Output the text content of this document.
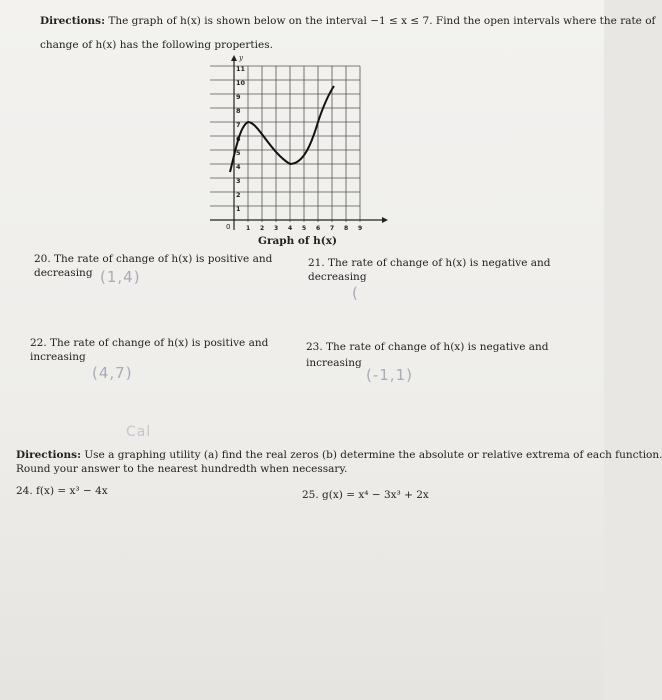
Directions: The graph of h(x) is shown below on the interval −1 ≤ x ≤ 7. Find the open intervals where the rate of
change of h(x) has the following properties.
y
11
10
9
8
7
6
5
4
3
2
1
0	1 2 3 4 5 6 7 8 9
Graph of h(x)
20. The rate of change of h(x) is positive and
decreasing (1,4)
21. The rate of change of h(x) is negative and
decreasing
(
22. The rate of change of h(x) is positive and
increasing
(4,7)
23. The rate of change of h(x) is negative and
increasing
(-1,1)
Cal
Directions: Use a graphing utility (a) find the real zeros (b) determine the absolute or relative extrema of each function.
Round your answer to the nearest hundredth when necessary.
24. f(x) = x³ − 4x	25. g(x) = x⁴ − 3x³ + 2x
